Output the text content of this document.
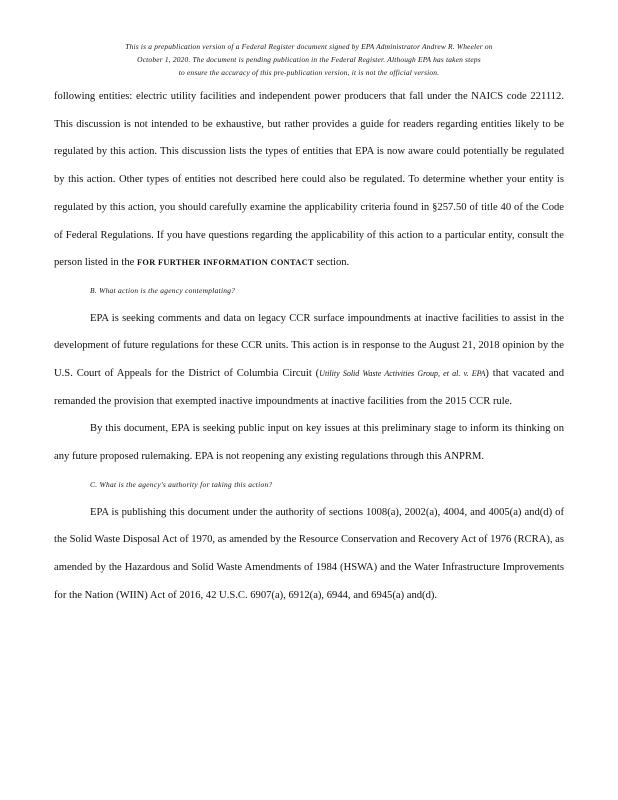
This is a prepublication version of a Federal Register document signed by EPA Administrator Andrew R. Wheeler on
October 1, 2020. The document is pending publication in the Federal Register. Although EPA has taken steps
to ensure the accuracy of this pre-publication version, it is not the official version.

following entities: electric utility facilities and independent power producers that fall under the NAICS code 221112. This discussion is not intended to be exhaustive, but rather provides a guide for readers regarding entities likely to be regulated by this action. This discussion lists the types of entities that EPA is now aware could potentially be regulated by this action. Other types of entities not described here could also be regulated. To determine whether your entity is regulated by this action, you should carefully examine the applicability criteria found in §257.50 of title 40 of the Code of Federal Regulations. If you have questions regarding the applicability of this action to a particular entity, consult the person listed in the FOR FURTHER INFORMATION CONTACT section.

B. What action is the agency contemplating?

EPA is seeking comments and data on legacy CCR surface impoundments at inactive facilities to assist in the development of future regulations for these CCR units. This action is in response to the August 21, 2018 opinion by the U.S. Court of Appeals for the District of Columbia Circuit (Utility Solid Waste Activities Group, et al. v. EPA) that vacated and remanded the provision that exempted inactive impoundments at inactive facilities from the 2015 CCR rule.

By this document, EPA is seeking public input on key issues at this preliminary stage to inform its thinking on any future proposed rulemaking. EPA is not reopening any existing regulations through this ANPRM.

C. What is the agency's authority for taking this action?

EPA is publishing this document under the authority of sections 1008(a), 2002(a), 4004, and 4005(a) and(d) of the Solid Waste Disposal Act of 1970, as amended by the Resource Conservation and Recovery Act of 1976 (RCRA), as amended by the Hazardous and Solid Waste Amendments of 1984 (HSWA) and the Water Infrastructure Improvements for the Nation (WIIN) Act of 2016, 42 U.S.C. 6907(a), 6912(a), 6944, and 6945(a) and(d).
